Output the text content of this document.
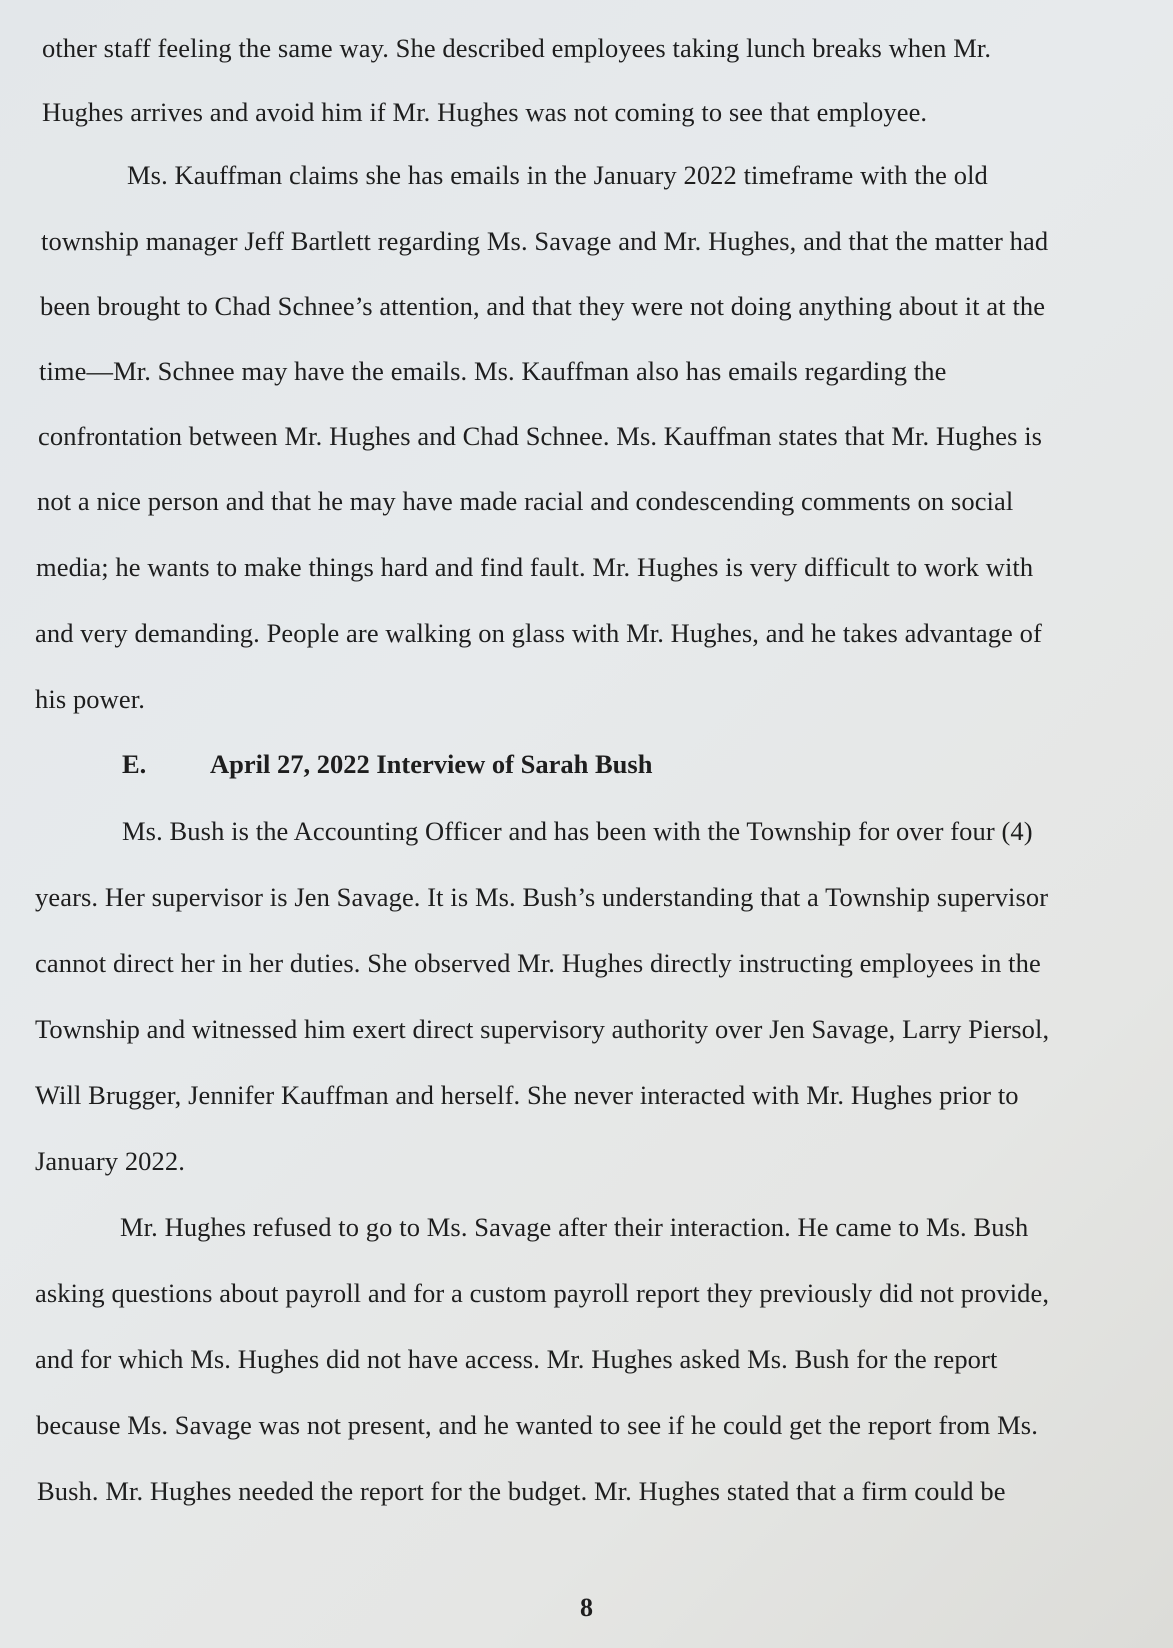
other staff feeling the same way. She described employees taking lunch breaks when Mr.
Hughes arrives and avoid him if Mr. Hughes was not coming to see that employee.
Ms. Kauffman claims she has emails in the January 2022 timeframe with the old
township manager Jeff Bartlett regarding Ms. Savage and Mr. Hughes, and that the matter had
been brought to Chad Schnee’s attention, and that they were not doing anything about it at the
time—Mr. Schnee may have the emails. Ms. Kauffman also has emails regarding the
confrontation between Mr. Hughes and Chad Schnee. Ms. Kauffman states that Mr. Hughes is
not a nice person and that he may have made racial and condescending comments on social
media; he wants to make things hard and find fault. Mr. Hughes is very difficult to work with
and very demanding. People are walking on glass with Mr. Hughes, and he takes advantage of
his power.
E. April 27, 2022 Interview of Sarah Bush
Ms. Bush is the Accounting Officer and has been with the Township for over four (4)
years. Her supervisor is Jen Savage. It is Ms. Bush’s understanding that a Township supervisor
cannot direct her in her duties. She observed Mr. Hughes directly instructing employees in the
Township and witnessed him exert direct supervisory authority over Jen Savage, Larry Piersol,
Will Brugger, Jennifer Kauffman and herself. She never interacted with Mr. Hughes prior to
January 2022.
Mr. Hughes refused to go to Ms. Savage after their interaction. He came to Ms. Bush
asking questions about payroll and for a custom payroll report they previously did not provide,
and for which Ms. Hughes did not have access. Mr. Hughes asked Ms. Bush for the report
because Ms. Savage was not present, and he wanted to see if he could get the report from Ms.
Bush. Mr. Hughes needed the report for the budget. Mr. Hughes stated that a firm could be
8
